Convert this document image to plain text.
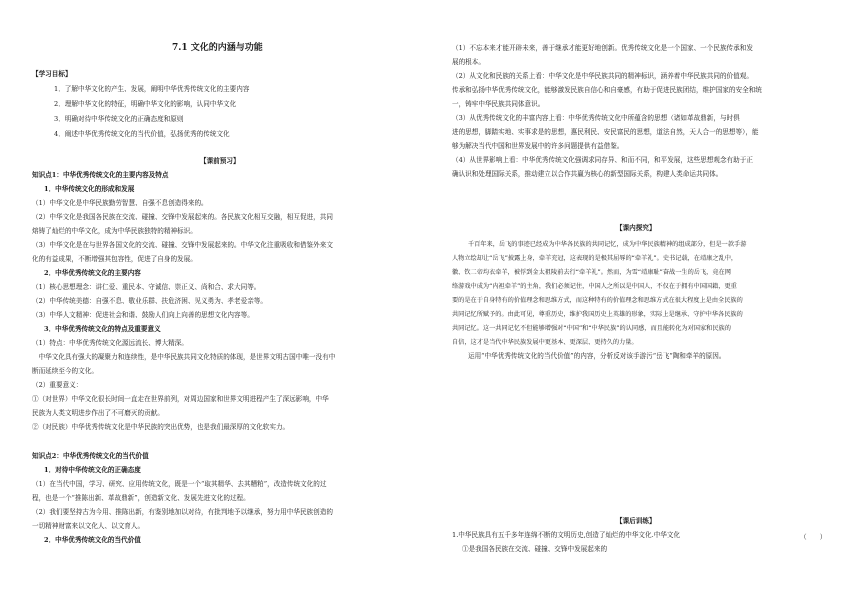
7.1 文化的内涵与功能
【学习目标】
1．了解中华文化的产生、发展，阐明中华优秀传统文化的主要内容
2．理解中华文化的特征，明确中华文化的影响，认同中华文化
3．明确对待中华传统文化的正确态度和原则
4．阐述中华优秀传统文化的当代价值，弘扬优秀的传统文化
【课前预习】
知识点1：中华优秀传统文化的主要内容及特点
1．中华传统文化的形成和发展
（1）中华文化是中华民族勤劳智慧、自强不息创造得来的。
（2）中华文化是我国各民族在交流、碰撞、交锋中发展起来的。各民族文化相互交融，相互促进，共同
熔铸了灿烂的中华文化，成为中华民族独特的精神标识。
（3）中华文化是在与世界各国文化的交流、碰撞、交锋中发展起来的。中华文化注重吸收和借鉴外来文
化的有益成果，不断增强其包容性，促进了自身的发展。
2．中华优秀传统文化的主要内容
（1）核心思想理念：讲仁爱、重民本、守诚信、崇正义、尚和合、求大同等。
（2）中华传统美德：自强不息、敬业乐群、扶危济困、见义勇为、孝老爱亲等。
（3）中华人文精神：促进社会和谐、鼓励人们向上向善的思想文化内容等。
3．中华优秀传统文化的特点及重要意义
（1）特点：中华优秀传统文化源远流长、博大精深。
　中华文化具有强大的凝聚力和连续性，是中华民族共同文化特质的体现，是世界文明古国中唯一没有中
断而延续至今的文化。
（2）重要意义：
①（对世界）中华文化很长时间一直走在世界前列，对周边国家和世界文明进程产生了深远影响，中华
民族为人类文明进步作出了不可磨灭的贡献。
②（对民族）中华优秀传统文化是中华民族的突出优势，也是我们最深厚的文化软实力。
知识点2：中华优秀传统文化的当代价值
1．对待中华传统文化的正确态度
（1）在当代中国，学习、研究、应用传统文化，既是一个“取其精华、去其糟粕”，改造传统文化的过
程，也是一个“推陈出新、革故鼎新”，创造新文化、发展先进文化的过程。
（2）我们要坚持古为今用、推陈出新，有鉴别地加以对待，有批判地予以继承，努力用中华民族创造的
一切精神财富来以文化人、以文育人。
2．中华优秀传统文化的当代价值
（1）不忘本来才能开辟未来，善于继承才能更好地创新。优秀传统文化是一个国家、一个民族传承和发
展的根本。
（2）从文化和民族的关系上看：中华文化是中华民族共同的精神标识，涵养着中华民族共同的价值观。
传承和弘扬中华优秀传统文化，能够激发民族自信心和自豪感，有助于促进民族团结，维护国家的安全和统
一，铸牢中华民族共同体意识。
（3）从优秀传统文化的丰富内容上看：中华优秀传统文化中所蕴含的思想（诸如革故鼎新，与时俱
进的思想，脚踏实地、实事求是的思想，惠民利民、安民富民的思想，道法自然，天人合一的思想等），能
够为解决当代中国和世界发展中的许多问题提供有益借鉴。
（4）从世界影响上看：中华优秀传统文化强调求同存异、和而不同，和平发展，这些思想观念有助于正
确认识和处理国际关系，推动建立以合作共赢为核心的新型国际关系，构建人类命运共同体。
【课内探究】
千百年来，岳飞的事迹已经成为中华各民族的共同记忆，成为中华民族精神的组成部分，但是一款手游
人物立绘却让“岳飞”披露上身，牵羊充冠，这表现的是极其屈辱的“牵羊礼”。史书记载，在靖康之乱中，
徽、钦二帝均衣牵羊，被俘到金太祖陵前去行“牵羊礼”。然而，为雪“靖康耻”奋战一生的岳飞，竟在网
络游戏中成为“内袒牵羊”的主角，我们必须记住，中国人之所以是中国人，不仅在于拥有中国国籍，更重
要的是在于自身特有的价值理念和思维方式，而这种特有的价值理念和思维方式在很大程度上是由全民族的
共同记忆所赋予的。由此可见，尊重历史，维护我国历史上英雄的形象，实际上是继承、守护中华各民族的
共同记忆。这一共同记忆不但能够增强对“中国”和“中华民族”的认同感，而且能转化为对国家和民族的
自信，这才是当代中华民族发展中更基本、更深层、更持久的力量。
运用“中华优秀传统文化的当代价值”的内容，分析反对该手游污“岳飞”陶和牵羊的原因。
【课后训练】
1.中华民族具有五千多年连绵不断的文明历史,创造了灿烂的中华文化.中华文化	（　　）
①是我国各民族在交流、碰撞、交锋中发展起来的
